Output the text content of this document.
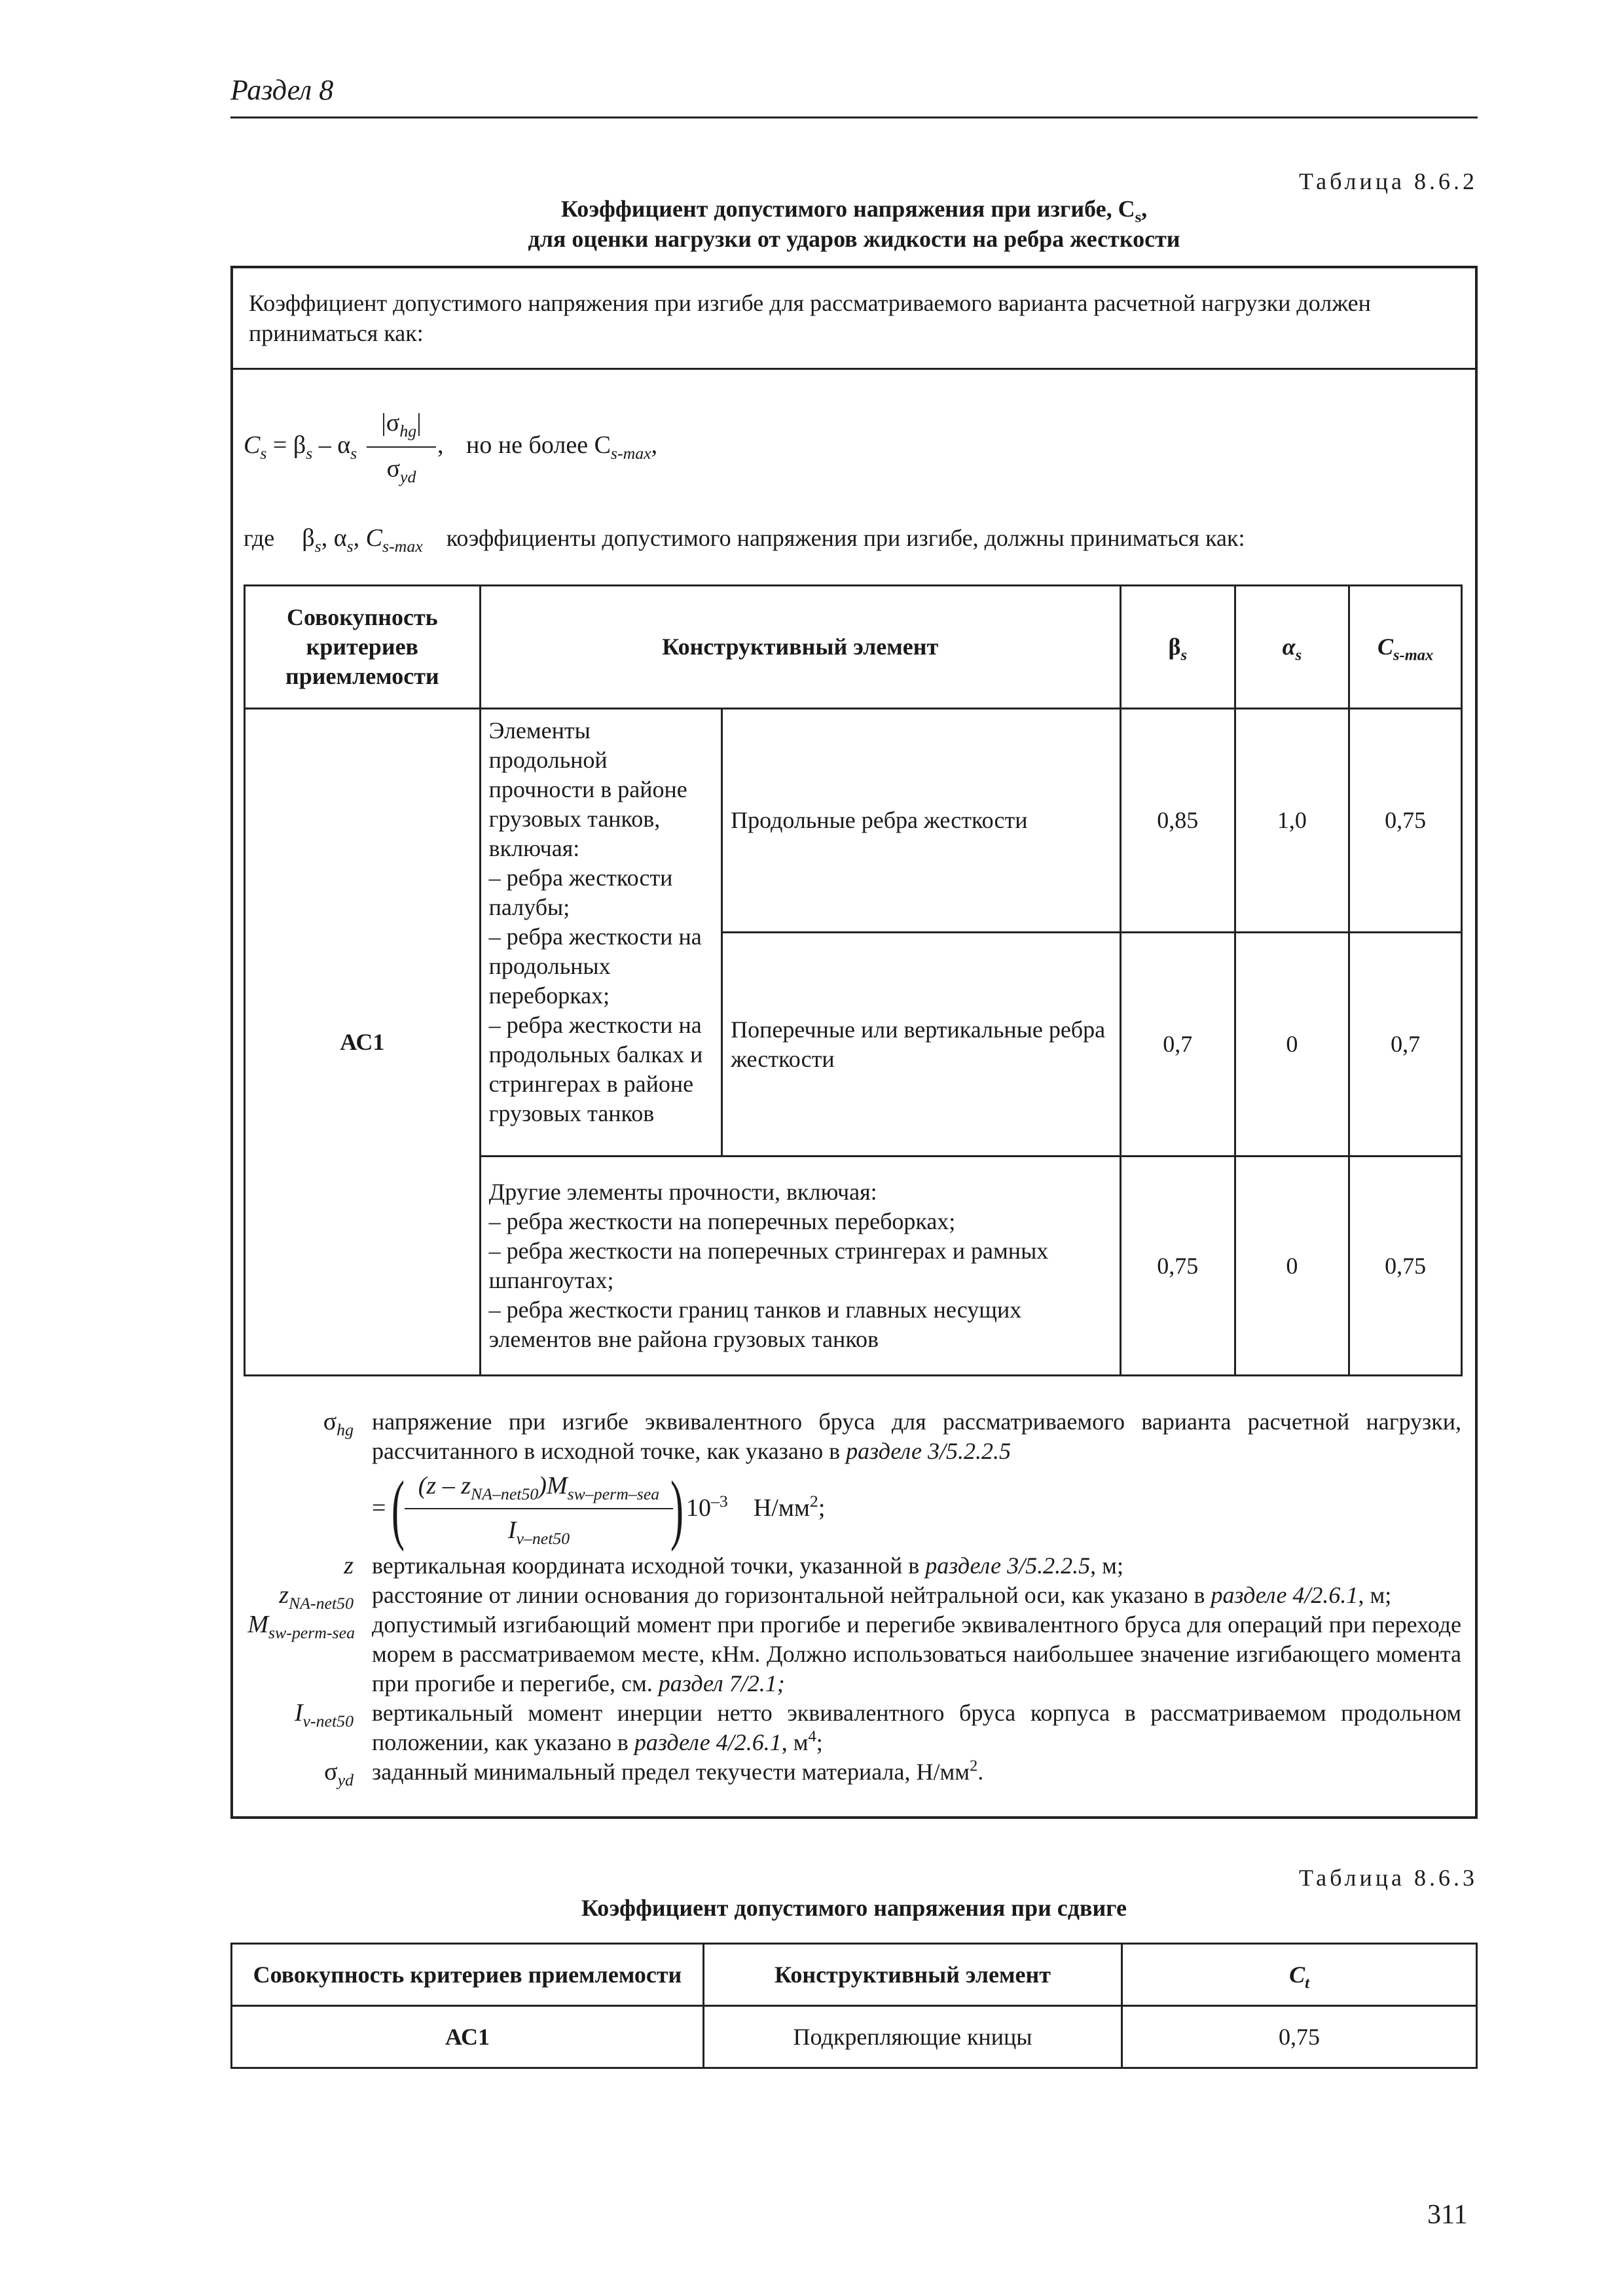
Раздел 8
Таблица 8.6.2
Коэффициент допустимого напряжения при изгибе, $C_s$,
для оценки нагрузки от ударов жидкости на ребра жесткости
Коэффициент допустимого напряжения при изгибе для рассматриваемого варианта расчетной нагрузки должен приниматься как:
$C_s = \beta_s - \alpha_s$
$|\sigma_{hg}|$
$\sigma_{yd}$
, но не более $C_{s-max}$,
где $\beta_s$, $\alpha_s$, $C_{s-max}$ коэффициенты допустимого напряжения при изгибе, должны приниматься как:
Совокупность критериев приемлемости	Конструктивный элемент		$\beta_s$	$\alpha_s$	$C_{s-max}$
АС1	Элементы продольной прочности в районе грузовых танков, включая:
– ребра жесткости палубы;
– ребра жесткости на продольных переборках;
– ребра жесткости на продольных балках и стрингерах в районе грузовых танков	Продольные ребра жесткости	0,85	1,0	0,75
		Поперечные или вертикальные ребра жесткости	0,7	0	0,7
	Другие элементы прочности, включая:
– ребра жесткости на поперечных переборках;
– ребра жесткости на поперечных стрингерах и рамных шпангоутах;
– ребра жесткости границ танков и главных несущих элементов вне района грузовых танков		0,75	0	0,75
$\sigma_{hg}$ напряжение при изгибе эквивалентного бруса для рассматриваемого варианта расчетной нагрузки, рассчитанного в исходной точке, как указано в разделе 3/5.2.2.5
= ( $(z - z_{NA-net50})M_{sw-perm-sea}$
$I_{v-net50}$	) $10^{-3}$ $Н/мм^2$;
z вертикальная координата исходной точки, указанной в разделе 3/5.2.2.5, м;
$z_{NA-net50}$ расстояние от линии основания до горизонтальной нейтральной оси, как указано в разделе 4/2.6.1, м;
$M_{sw-perm-sea}$ допустимый изгибающий момент при прогибе и перегибе эквивалентного бруса для операций при переходе морем в рассматриваемом месте, кНм. Должно использоваться наибольшее значение изгибающего момента при прогибе и перегибе, см. раздел 7/2.1;
$I_{v-net50}$ вертикальный момент инерции нетто эквивалентного бруса корпуса в рассматриваемом продольном положении, как указано в разделе 4/2.6.1, $м^4$;
$\sigma_{yd}$ заданный минимальный предел текучести материала, $Н/мм^2$.
Таблица 8.6.3
Коэффициент допустимого напряжения при сдвиге
Совокупность критериев приемлемости	Конструктивный элемент	$C_t$
АС1	Подкрепляющие кницы	0,75
311
